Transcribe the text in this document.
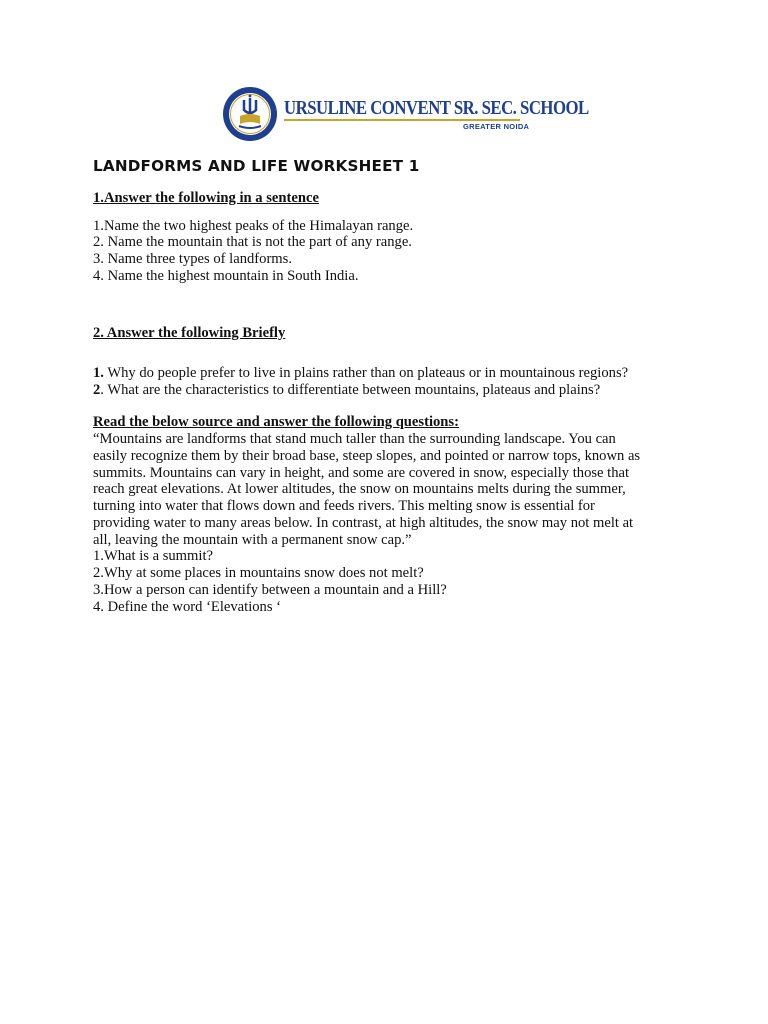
URSULINE CONVENT SR. SEC. SCHOOL
GREATER NOIDA
LANDFORMS AND LIFE WORKSHEET 1
1.Answer the following in a sentence
1.Name the two highest peaks of the Himalayan range.
2. Name the mountain that is not the part of any range.
3. Name three types of landforms.
4. Name the highest mountain in South India.
2. Answer the following Briefly
1. Why do people prefer to live in plains rather than on plateaus or in mountainous regions?
2. What are the characteristics to differentiate between mountains, plateaus and plains?
Read the below source and answer the following questions:
“Mountains are landforms that stand much taller than the surrounding landscape. You can
easily recognize them by their broad base, steep slopes, and pointed or narrow tops, known as
summits. Mountains can vary in height, and some are covered in snow, especially those that
reach great elevations. At lower altitudes, the snow on mountains melts during the summer,
turning into water that flows down and feeds rivers. This melting snow is essential for
providing water to many areas below. In contrast, at high altitudes, the snow may not melt at
all, leaving the mountain with a permanent snow cap.”
1.What is a summit?
2.Why at some places in mountains snow does not melt?
3.How a person can identify between a mountain and a Hill?
4. Define the word ‘Elevations ‘
